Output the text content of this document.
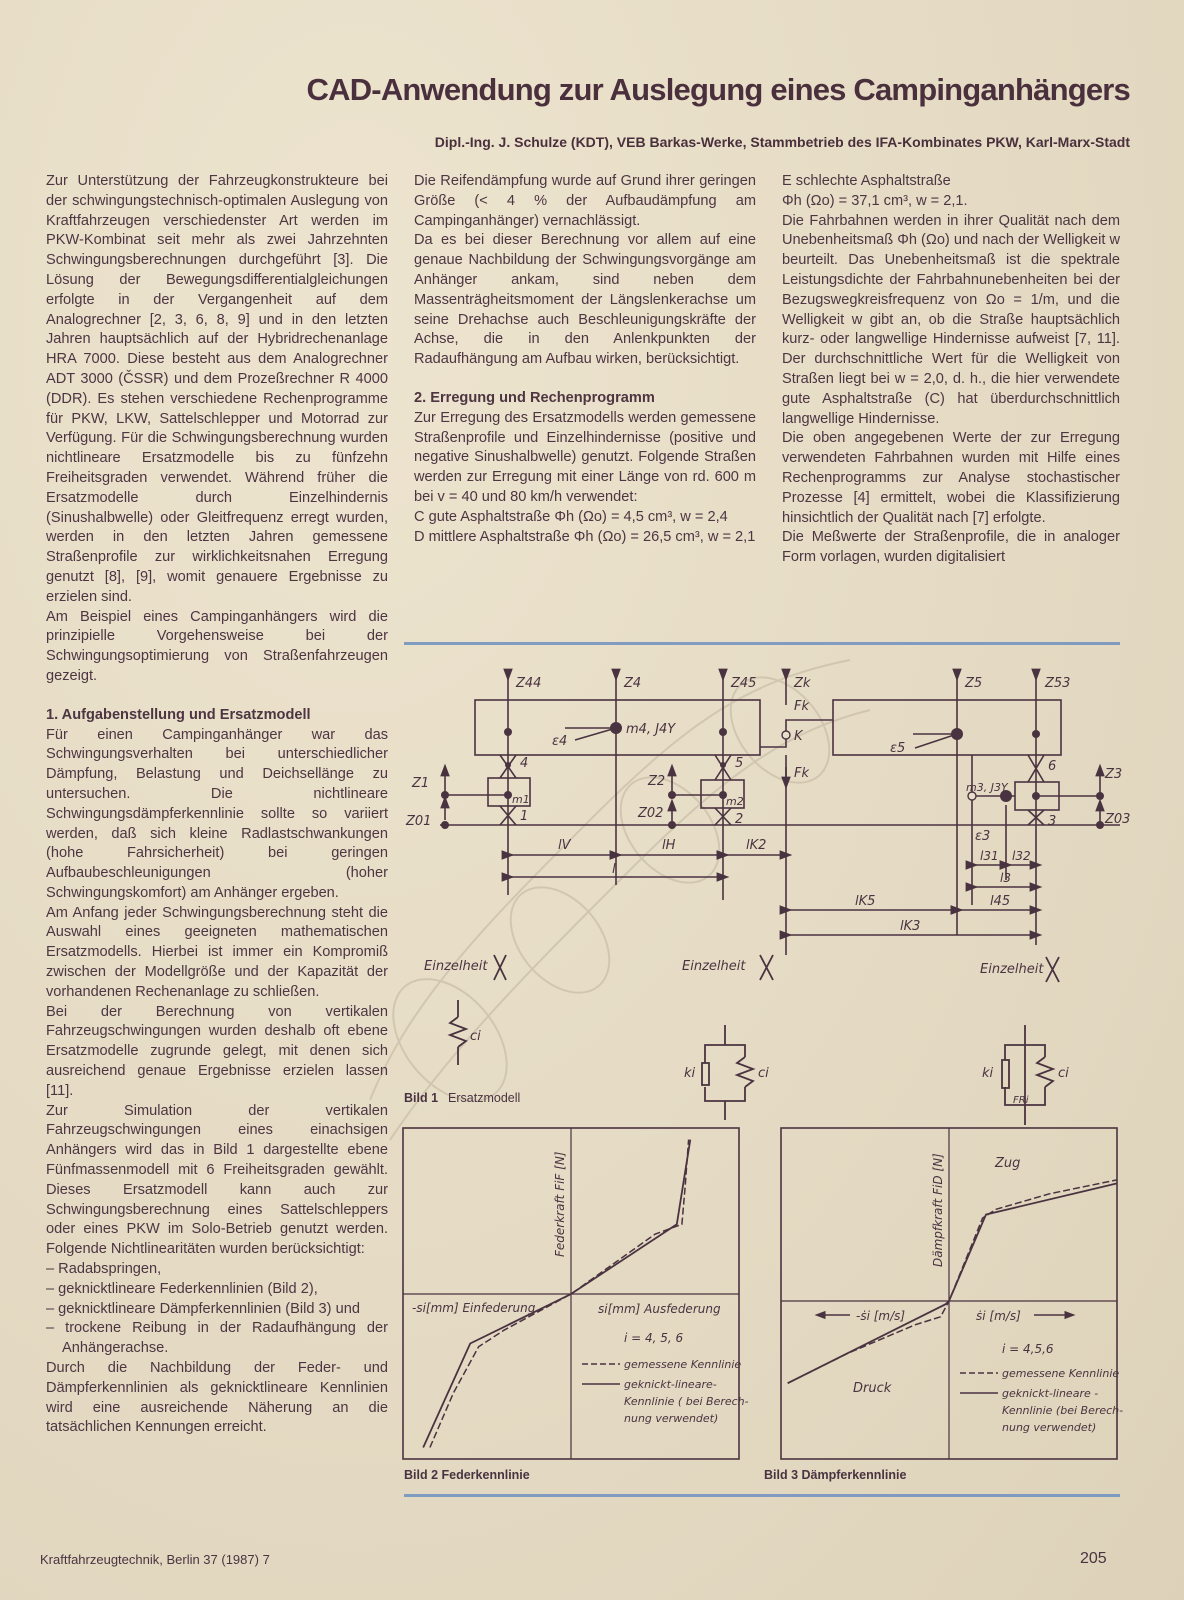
CAD-Anwendung zur Auslegung eines Campinganhängers
Dipl.-Ing. J. Schulze (KDT), VEB Barkas-Werke, Stammbetrieb des IFA-Kombinates PKW, Karl-Marx-Stadt

Zur Unterstützung der Fahrzeugkonstrukteure bei der schwingungstechnisch-optimalen Auslegung von Kraftfahrzeugen verschiedenster Art werden im PKW-Kombinat seit mehr als zwei Jahrzehnten Schwingungsberechnungen durchgeführt [3]. Die Lösung der Bewegungsdifferentialgleichungen erfolgte in der Vergangenheit auf dem Analogrechner [2, 3, 6, 8, 9] und in den letzten Jahren hauptsächlich auf der Hybridrechenanlage HRA 7000. Diese besteht aus dem Analogrechner ADT 3000 (ČSSR) und dem Prozeßrechner R 4000 (DDR). Es stehen verschiedene Rechenprogramme für PKW, LKW, Sattelschlepper und Motorrad zur Verfügung. Für die Schwingungsberechnung wurden nichtlineare Ersatzmodelle bis zu fünfzehn Freiheitsgraden verwendet. Während früher die Ersatzmodelle durch Einzelhindernis (Sinushalbwelle) oder Gleitfrequenz erregt wurden, werden in den letzten Jahren gemessene Straßenprofile zur wirklichkeitsnahen Erregung genutzt [8], [9], womit genauere Ergebnisse zu erzielen sind.

Am Beispiel eines Campinganhängers wird die prinzipielle Vorgehensweise bei der Schwingungsoptimierung von Straßenfahrzeugen gezeigt.

1. Aufgabenstellung und Ersatzmodell

Für einen Campinganhänger war das Schwingungsverhalten bei unterschiedlicher Dämpfung, Belastung und Deichsellänge zu untersuchen. Die nichtlineare Schwingungsdämpferkennlinie sollte so variiert werden, daß sich kleine Radlastschwankungen (hohe Fahrsicherheit) bei geringen Aufbaubeschleunigungen (hoher Schwingungskomfort) am Anhänger ergeben.

Am Anfang jeder Schwingungsberechnung steht die Auswahl eines geeigneten mathematischen Ersatzmodells. Hierbei ist immer ein Kompromiß zwischen der Modellgröße und der Kapazität der vorhandenen Rechenanlage zu schließen.

Bei der Berechnung von vertikalen Fahrzeugschwingungen wurden deshalb oft ebene Ersatzmodelle zugrunde gelegt, mit denen sich ausreichend genaue Ergebnisse erzielen lassen [11].

Zur Simulation der vertikalen Fahrzeugschwingungen eines einachsigen Anhängers wird das in Bild 1 dargestellte ebene Fünfmassenmodell mit 6 Freiheitsgraden gewählt. Dieses Ersatzmodell kann auch zur Schwingungsberechnung eines Sattelschleppers oder eines PKW im Solo-Betrieb genutzt werden. Folgende Nichtlinearitäten wurden berücksichtigt:

– Radabspringen,
– geknicktlineare Federkennlinien (Bild 2),
– geknicktlineare Dämpferkennlinien (Bild 3) und
– trockene Reibung in der Radaufhängung der Anhängerachse.

Durch die Nachbildung der Feder- und Dämpferkennlinien als geknicktlineare Kennlinien wird eine ausreichende Näherung an die tatsächlichen Kennungen erreicht.

Die Reifendämpfung wurde auf Grund ihrer geringen Größe (< 4 % der Aufbaudämpfung am Campinganhänger) vernachlässigt.

Da es bei dieser Berechnung vor allem auf eine genaue Nachbildung der Schwingungsvorgänge am Anhänger ankam, sind neben dem Massenträgheitsmoment der Längslenkerachse um seine Drehachse auch Beschleunigungskräfte der Achse, die in den Anlenkpunkten der Radaufhängung am Aufbau wirken, berücksichtigt.

2. Erregung und Rechenprogramm

Zur Erregung des Ersatzmodells werden gemessene Straßenprofile und Einzelhindernisse (positive und negative Sinushalbwelle) genutzt. Folgende Straßen werden zur Erregung mit einer Länge von rd. 600 m bei v = 40 und 80 km/h verwendet:

C gute Asphaltstraße Φh (Ωo) = 4,5 cm³, w = 2,4

D mittlere Asphaltstraße Φh (Ωo) = 26,5 cm³, w = 2,1

E schlechte Asphaltstraße

Φh (Ωo) = 37,1 cm³, w = 2,1.

Die Fahrbahnen werden in ihrer Qualität nach dem Unebenheitsmaß Φh (Ωo) und nach der Welligkeit w beurteilt. Das Unebenheitsmaß ist die spektrale Leistungsdichte der Fahrbahnunebenheiten bei der Bezugswegkreisfrequenz von Ωo = 1/m, und die Welligkeit w gibt an, ob die Straße hauptsächlich kurz- oder langwellige Hindernisse aufweist [7, 11]. Der durchschnittliche Wert für die Welligkeit von Straßen liegt bei w = 2,0, d. h., die hier verwendete gute Asphaltstraße (C) hat überdurchschnittlich langwellige Hindernisse.

Die oben angegebenen Werte der zur Erregung verwendeten Fahrbahnen wurden mit Hilfe eines Rechenprogramms zur Analyse stochastischer Prozesse [4] ermittelt, wobei die Klassifizierung hinsichtlich der Qualität nach [7] erfolgte.

Die Meßwerte der Straßenprofile, die in analoger Form vorlagen, wurden digitalisiert

Z44	Z4	Z45	Zk
Fk
K
Fk
Z5	Z53
m4, J4Y
ε4	ε5
ε3
Z1
Z01
Z2
Z02
Z3
Z03
m1	m2
m3, J3Y
1	2	3
4	5	6
lV	lH	lK2
l
l31 l32
l3
lK5	l45
lK3
Einzelheit	Einzelheit	Einzelheit
ci
ki	ci	ki	ci
FRi
Bild 1 Ersatzmodell
Federkraft FiF [N]
-si[mm] Einfederung	si[mm] Ausfederung
i = 4, 5, 6
gemessene Kennlinie
geknickt-lineare-
Kennlinie ( bei Berech-
nung verwendet)
Bild 2 Federkennlinie
Dämpfkraft FiD [N]	Zug
Druck
-ṡi [m/s]	ṡi [m/s]
i = 4,5,6
gemessene Kennlinie
geknickt-lineare -
Kennlinie (bei Berech-
nung verwendet)
Bild 3 Dämpferkennlinie
Kraftfahrzeugtechnik, Berlin 37 (1987) 7	205
